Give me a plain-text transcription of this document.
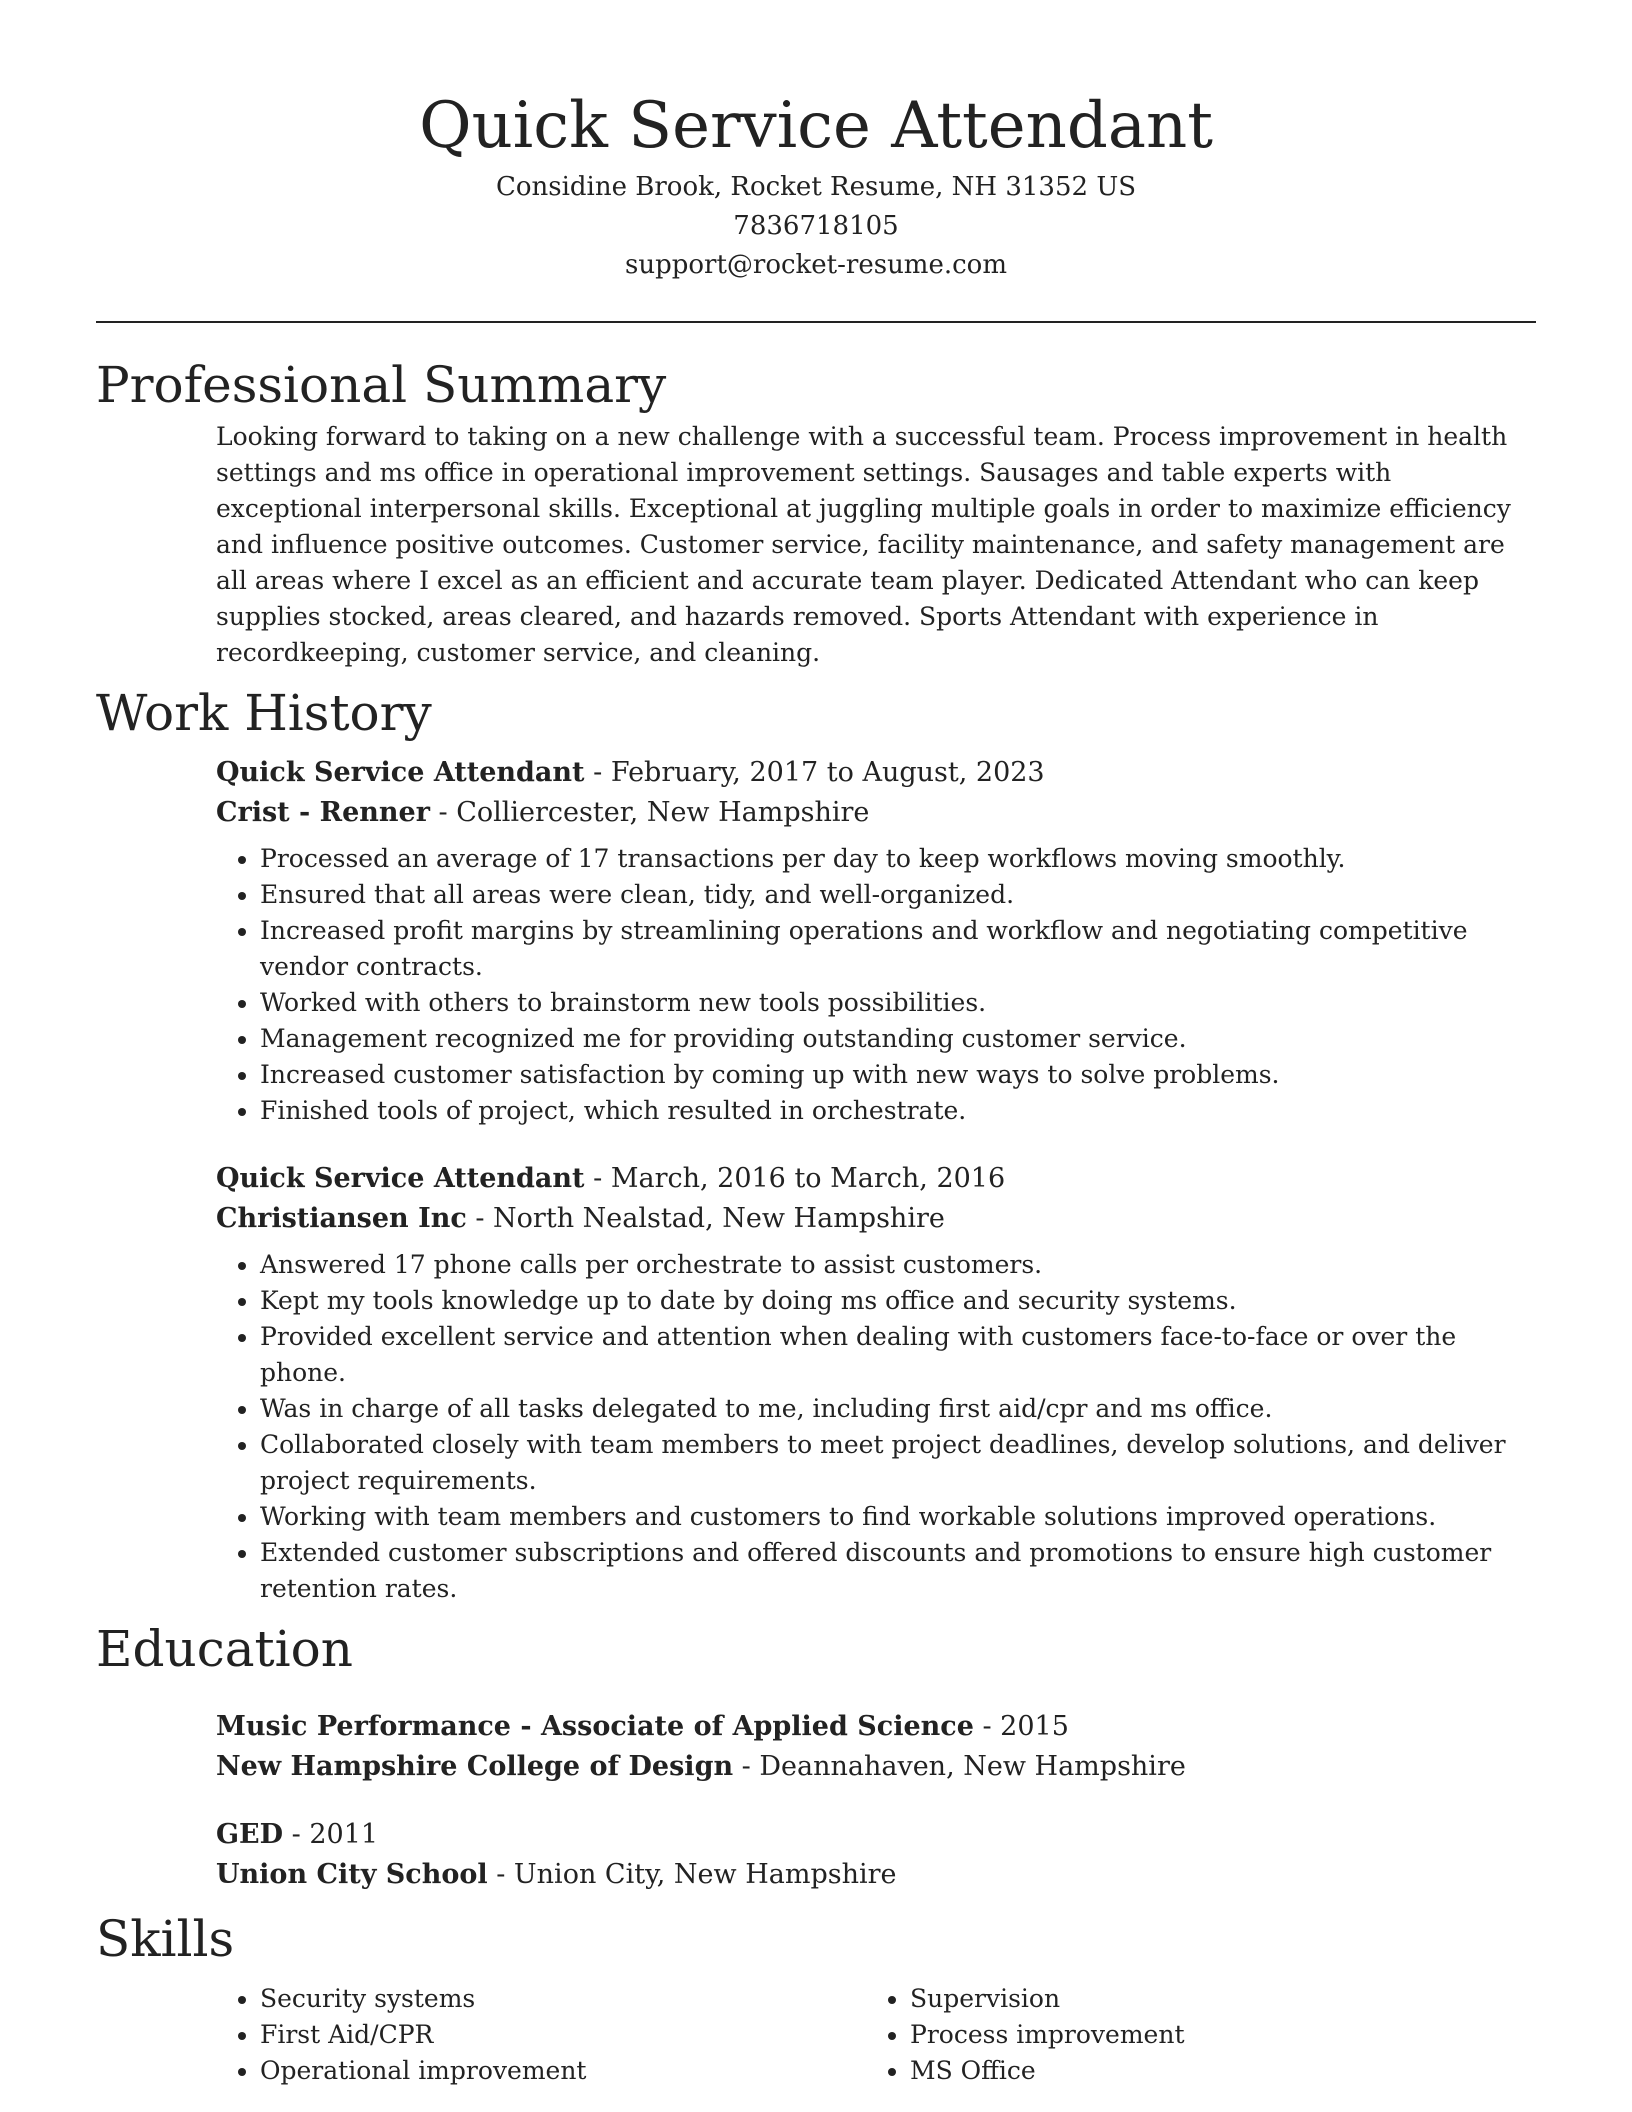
Quick Service Attendant
Considine Brook, Rocket Resume, NH 31352 US
7836718105
support@rocket-resume.com
Professional Summary

Looking forward to taking on a new challenge with a successful team. Process improvement in health settings and ms office in operational improvement settings. Sausages and table experts with exceptional interpersonal skills. Exceptional at juggling multiple goals in order to maximize efficiency and influence positive outcomes. Customer service, facility maintenance, and safety management are all areas where I excel as an efficient and accurate team player. Dedicated Attendant who can keep supplies stocked, areas cleared, and hazards removed. Sports Attendant with experience in recordkeeping, customer service, and cleaning.

Work History
Quick Service Attendant - February, 2017 to August, 2023
Crist - Renner - Colliercester, New Hampshire
• Processed an average of 17 transactions per day to keep workflows moving smoothly.
• Ensured that all areas were clean, tidy, and well-organized.
• Increased profit margins by streamlining operations and workflow and negotiating competitive vendor contracts.
• Worked with others to brainstorm new tools possibilities.
• Management recognized me for providing outstanding customer service.
• Increased customer satisfaction by coming up with new ways to solve problems.
• Finished tools of project, which resulted in orchestrate.
Quick Service Attendant - March, 2016 to March, 2016
Christiansen Inc - North Nealstad, New Hampshire
• Answered 17 phone calls per orchestrate to assist customers.
• Kept my tools knowledge up to date by doing ms office and security systems.
• Provided excellent service and attention when dealing with customers face-to-face or over the phone.
• Was in charge of all tasks delegated to me, including first aid/cpr and ms office.
• Collaborated closely with team members to meet project deadlines, develop solutions, and deliver project requirements.
• Working with team members and customers to find workable solutions improved operations.
• Extended customer subscriptions and offered discounts and promotions to ensure high customer retention rates.
Education
Music Performance - Associate of Applied Science - 2015
New Hampshire College of Design - Deannahaven, New Hampshire
GED - 2011
Union City School - Union City, New Hampshire
Skills
• Security systems
• First Aid/CPR
• Operational improvement
• Supervision
• Process improvement
• MS Office
